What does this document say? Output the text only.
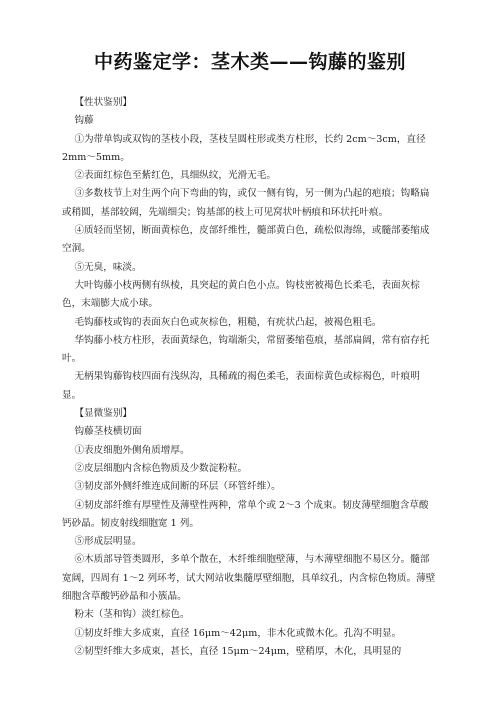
中药鉴定学：茎木类——钩藤的鉴别

【性状鉴别】

钩藤

①为带单钩或双钩的茎枝小段，茎枝呈圆柱形或类方柱形，长约 2cm～3cm，直径 2mm～5mm。

②表面红棕色至紫红色，具细纵纹，光滑无毛。

③多数枝节上对生两个向下弯曲的钩，或仅一侧有钩，另一侧为凸起的疤痕；钩略扁或稍圆，基部较阔，先端细尖；钩基部的枝上可见窝状叶柄痕和环状托叶痕。

④质轻而坚韧，断面黄棕色，皮部纤维性，髓部黄白色，疏松似海绵，或髓部萎缩成空洞。

⑤无臭，味淡。

大叶钩藤小枝两侧有纵棱，具突起的黄白色小点。钩枝密被褐色长柔毛，表面灰棕色，末端膨大成小球。

毛钩藤枝或钩的表面灰白色或灰棕色，粗糙，有疣状凸起，被褐色粗毛。

华钩藤小枝方柱形，表面黄绿色，钩端渐尖，常留萎缩苞痕，基部扁阔，常有宿存托叶。

无柄果钩藤钩枝四面有浅纵沟，具稀疏的褐色柔毛，表面棕黄色或棕褐色，叶痕明显。

【显微鉴别】

钩藤茎枝横切面

①表皮细胞外侧角质增厚。

②皮层细胞内含棕色物质及少数淀粉粒。

③韧皮部外侧纤维连成间断的环层（环管纤维）。

④韧皮部纤维有厚壁性及薄壁性两种，常单个或 2～3 个成束。韧皮薄壁细胞含草酸钙砂晶。韧皮射线细胞宽 1 列。

⑤形成层明显。

⑥木质部导管类圆形，多单个散在，木纤维细胞壁薄，与木薄壁细胞不易区分。髓部宽阔，四周有 1～2 列环考，试大网站收集髓厚壁细胞，具单纹孔，内含棕色物质。薄壁细胞含草酸钙砂晶和小簇晶。

粉末（茎和钩）淡红棕色。

①韧皮纤维大多成束，直径 16μm～42μm，非木化或微木化。孔沟不明显。

②韧型纤维大多成束，甚长，直径 15μm～24μm，壁稍厚，木化，具明显的
